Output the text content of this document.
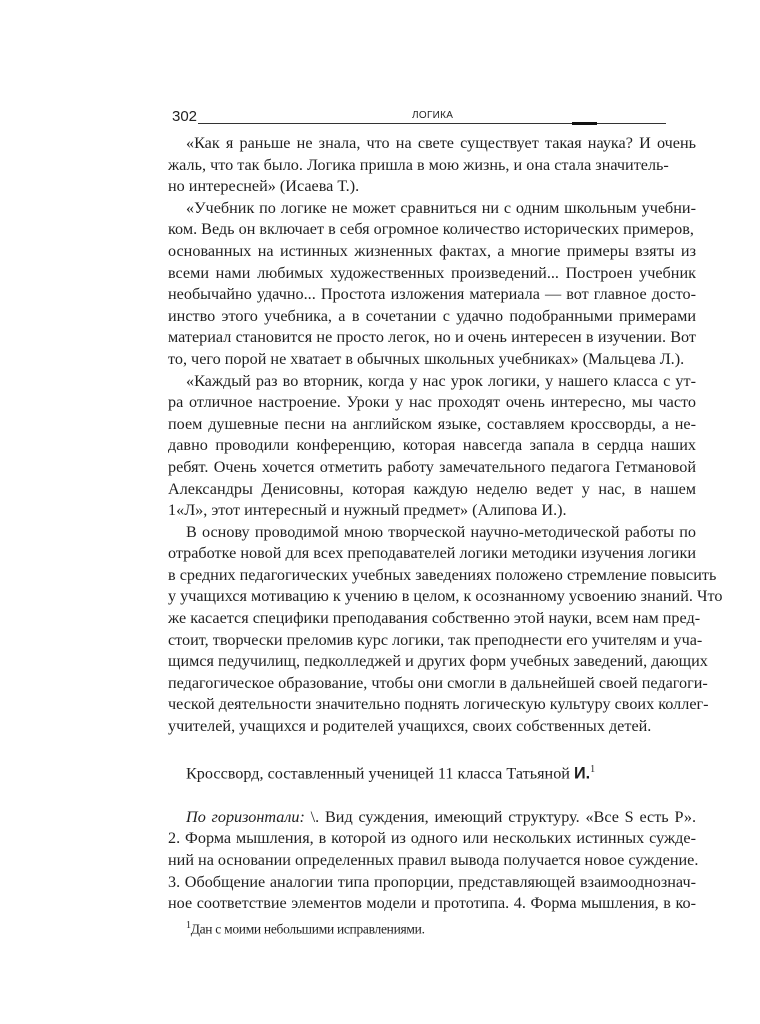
302	ЛОГИКА
«Как я раньше не знала, что на свете существует такая наука? И очень
жаль, что так было. Логика пришла в мою жизнь, и она стала значитель-
но интересней» (Исаева Т.).
«Учебник по логике не может сравниться ни с одним школьным учебни-
ком. Ведь он включает в себя огромное количество исторических примеров,
основанных на истинных жизненных фактах, а многие примеры взяты из
всеми нами любимых художественных произведений... Построен учебник
необычайно удачно... Простота изложения материала — вот главное досто-
инство этого учебника, а в сочетании с удачно подобранными примерами
материал становится не просто легок, но и очень интересен в изучении. Вот
то, чего порой не хватает в обычных школьных учебниках» (Мальцева Л.).
«Каждый раз во вторник, когда у нас урок логики, у нашего класса с ут-
ра отличное настроение. Уроки у нас проходят очень интересно, мы часто
поем душевные песни на английском языке, составляем кроссворды, а не-
давно проводили конференцию, которая навсегда запала в сердца наших
ребят. Очень хочется отметить работу замечательного педагога Гетмановой
Александры Денисовны, которая каждую неделю ведет у нас, в нашем
1«Л», этот интересный и нужный предмет» (Алипова И.).
В основу проводимой мною творческой научно-методической работы по
отработке новой для всех преподавателей логики методики изучения логики
в средних педагогических учебных заведениях положено стремление повысить
у учащихся мотивацию к учению в целом, к осознанному усвоению знаний. Что
же касается специфики преподавания собственно этой науки, всем нам пред-
стоит, творчески преломив курс логики, так преподнести его учителям и уча-
щимся педучилищ, педколледжей и других форм учебных заведений, дающих
педагогическое образование, чтобы они смогли в дальнейшей своей педагоги-
ческой деятельности значительно поднять логическую культуру своих коллег-
учителей, учащихся и родителей учащихся, своих собственных детей.
Кроссворд, составленный ученицей 11 класса Татьяной И.$^1$
По горизонтали: \. Вид суждения, имеющий структуру. «Все S есть Р».
2. Форма мышления, в которой из одного или нескольких истинных сужде-
ний на основании определенных правил вывода получается новое суждение.
3. Обобщение аналогии типа пропорции, представляющей взаимооднознач-
ное соответствие элементов модели и прототипа. 4. Форма мышления, в ко-
$^1$Дан с моими небольшими исправлениями.
